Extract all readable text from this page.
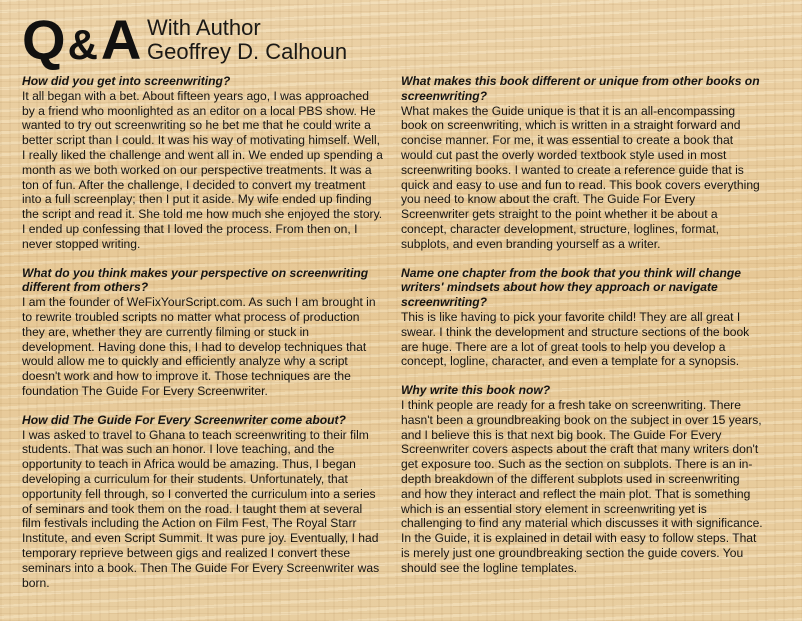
Q&A With Author
Geoffrey D. Calhoun

How did you get into screenwriting?

It all began with a bet. About fifteen years ago, I was approached by a friend who moonlighted as an editor on a local PBS show. He wanted to try out screenwriting so he bet me that he could write a better script than I could. It was his way of motivating himself. Well, I really liked the challenge and went all in. We ended up spending a month as we both worked on our perspective treatments. It was a ton of fun. After the challenge, I decided to convert my treatment into a full screenplay; then I put it aside. My wife ended up finding the script and read it. She told me how much she enjoyed the story. I ended up confessing that I loved the process. From then on, I never stopped writing.

What do you think makes your perspective on screenwriting different from others?

I am the founder of WeFixYourScript.com. As such I am brought in to rewrite troubled scripts no matter what process of production they are, whether they are currently filming or stuck in development. Having done this, I had to develop techniques that would allow me to quickly and efficiently analyze why a script doesn't work and how to improve it. Those techniques are the foundation The Guide For Every Screenwriter.

How did The Guide For Every Screenwriter come about?

I was asked to travel to Ghana to teach screenwriting to their film students. That was such an honor. I love teaching, and the opportunity to teach in Africa would be amazing. Thus, I began developing a curriculum for their students. Unfortunately, that opportunity fell through, so I converted the curriculum into a series of seminars and took them on the road. I taught them at several film festivals including the Action on Film Fest, The Royal Starr Institute, and even Script Summit. It was pure joy. Eventually, I had temporary reprieve between gigs and realized I convert these seminars into a book. Then The Guide For Every Screenwriter was born.

What makes this book different or unique from other books on screenwriting?

What makes the Guide unique is that it is an all-encompassing book on screenwriting, which is written in a straight forward and concise manner. For me, it was essential to create a book that would cut past the overly worded textbook style used in most screenwriting books. I wanted to create a reference guide that is quick and easy to use and fun to read. This book covers everything you need to know about the craft. The Guide For Every Screenwriter gets straight to the point whether it be about a concept, character development, structure, loglines, format, subplots, and even branding yourself as a writer.

Name one chapter from the book that you think will change writers' mindsets about how they approach or navigate screenwriting?

This is like having to pick your favorite child! They are all great I swear. I think the development and structure sections of the book are huge. There are a lot of great tools to help you develop a concept, logline, character, and even a template for a synopsis.

Why write this book now?

I think people are ready for a fresh take on screenwriting. There hasn't been a groundbreaking book on the subject in over 15 years, and I believe this is that next big book. The Guide For Every Screenwriter covers aspects about the craft that many writers don't get exposure too. Such as the section on subplots. There is an in-depth breakdown of the different subplots used in screenwriting and how they interact and reflect the main plot. That is something which is an essential story element in screenwriting yet is challenging to find any material which discusses it with significance. In the Guide, it is explained in detail with easy to follow steps. That is merely just one groundbreaking section the guide covers. You should see the logline templates.
